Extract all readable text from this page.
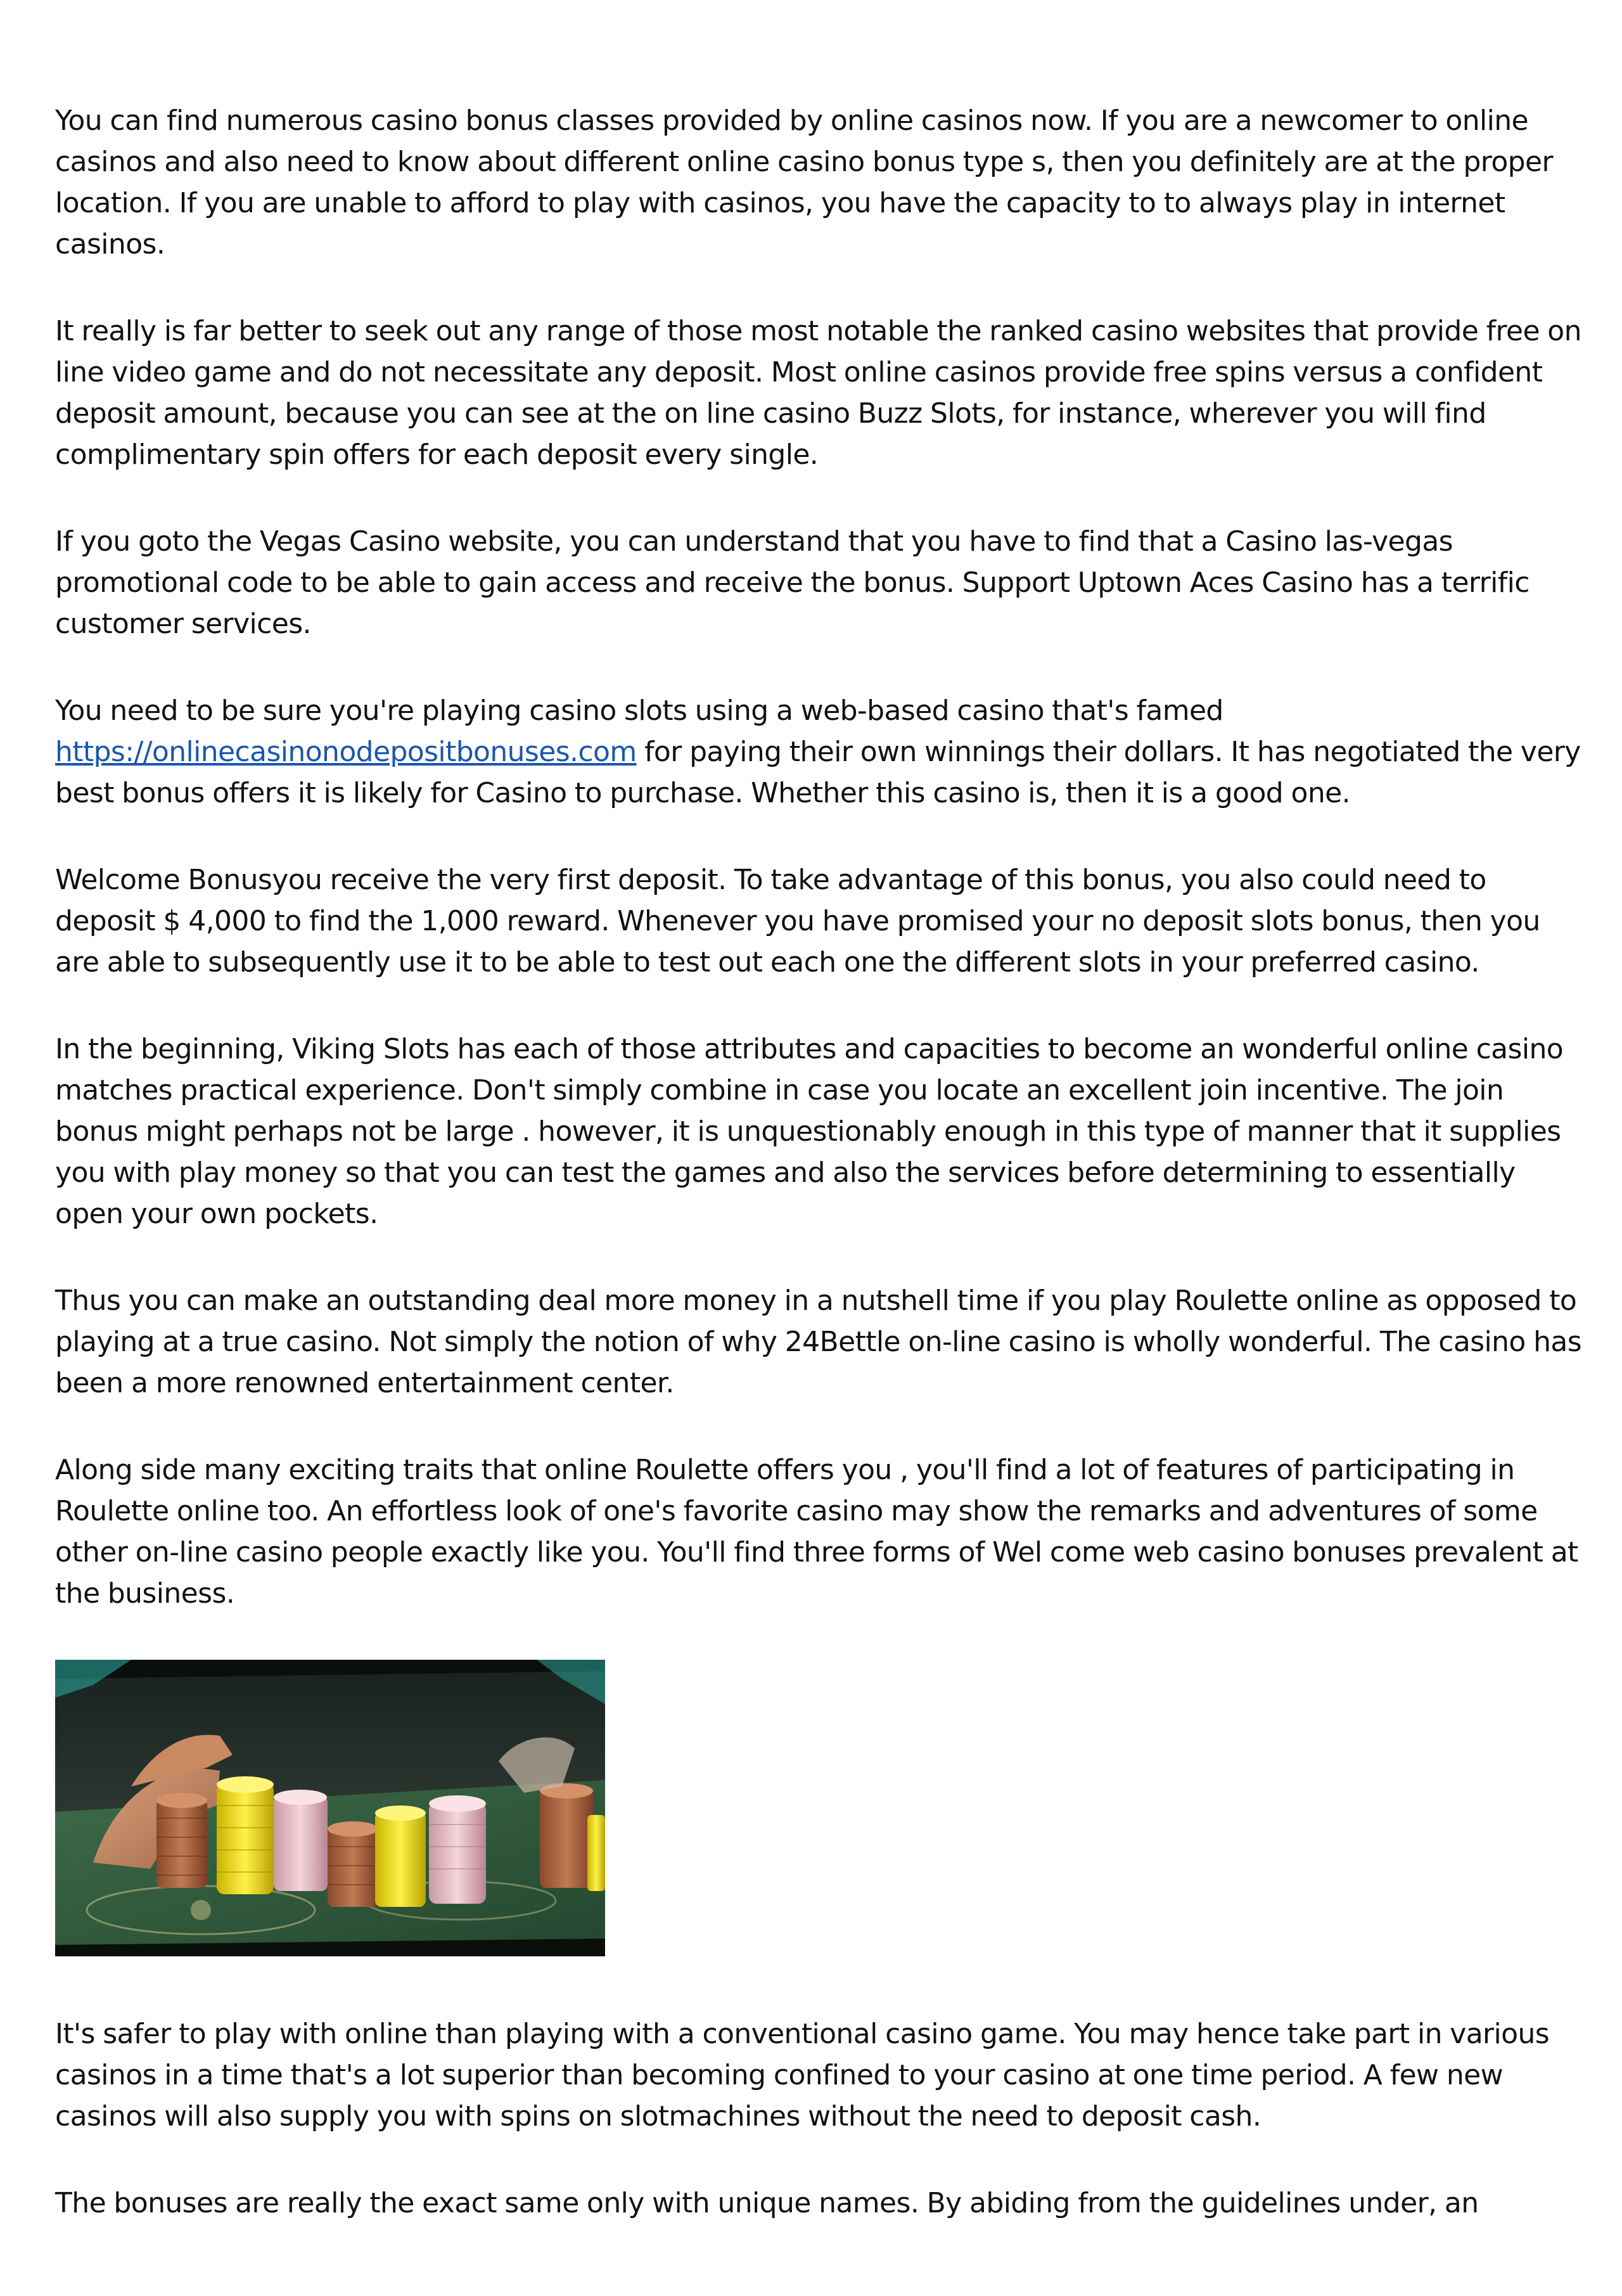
You can find numerous casino bonus classes provided by online casinos now. If you are a newcomer to online casinos and also need to know about different online casino bonus type s, then you definitely are at the proper location. If you are unable to afford to play with casinos, you have the capacity to to always play in internet casinos.

It really is far better to seek out any range of those most notable the ranked casino websites that provide free on line video game and do not necessitate any deposit. Most online casinos provide free spins versus a confident deposit amount, because you can see at the on line casino Buzz Slots, for instance, wherever you will find complimentary spin offers for each deposit every single.

If you goto the Vegas Casino website, you can understand that you have to find that a Casino las-vegas promotional code to be able to gain access and receive the bonus. Support Uptown Aces Casino has a terrific customer services.

You need to be sure you're playing casino slots using a web-based casino that's famed https://onlinecasinonodepositbonuses.com for paying their own winnings their dollars. It has negotiated the very best bonus offers it is likely for Casino to purchase. Whether this casino is, then it is a good one.

Welcome Bonusyou receive the very first deposit. To take advantage of this bonus, you also could need to deposit $ 4,000 to find the 1,000 reward. Whenever you have promised your no deposit slots bonus, then you are able to subsequently use it to be able to test out each one the different slots in your preferred casino.

In the beginning, Viking Slots has each of those attributes and capacities to become an wonderful online casino matches practical experience. Don't simply combine in case you locate an excellent join incentive. The join bonus might perhaps not be large . however, it is unquestionably enough in this type of manner that it supplies you with play money so that you can test the games and also the services before determining to essentially open your own pockets.

Thus you can make an outstanding deal more money in a nutshell time if you play Roulette online as opposed to playing at a true casino. Not simply the notion of why 24Bettle on-line casino is wholly wonderful. The casino has been a more renowned entertainment center.

Along side many exciting traits that online Roulette offers you , you'll find a lot of features of participating in Roulette online too. An effortless look of one's favorite casino may show the remarks and adventures of some other on-line casino people exactly like you. You'll find three forms of Wel come web casino bonuses prevalent at the business.

It's safer to play with online than playing with a conventional casino game. You may hence take part in various casinos in a time that's a lot superior than becoming confined to your casino at one time period. A few new casinos will also supply you with spins on slotmachines without the need to deposit cash.

The bonuses are really the exact same only with unique names. By abiding from the guidelines under, an
